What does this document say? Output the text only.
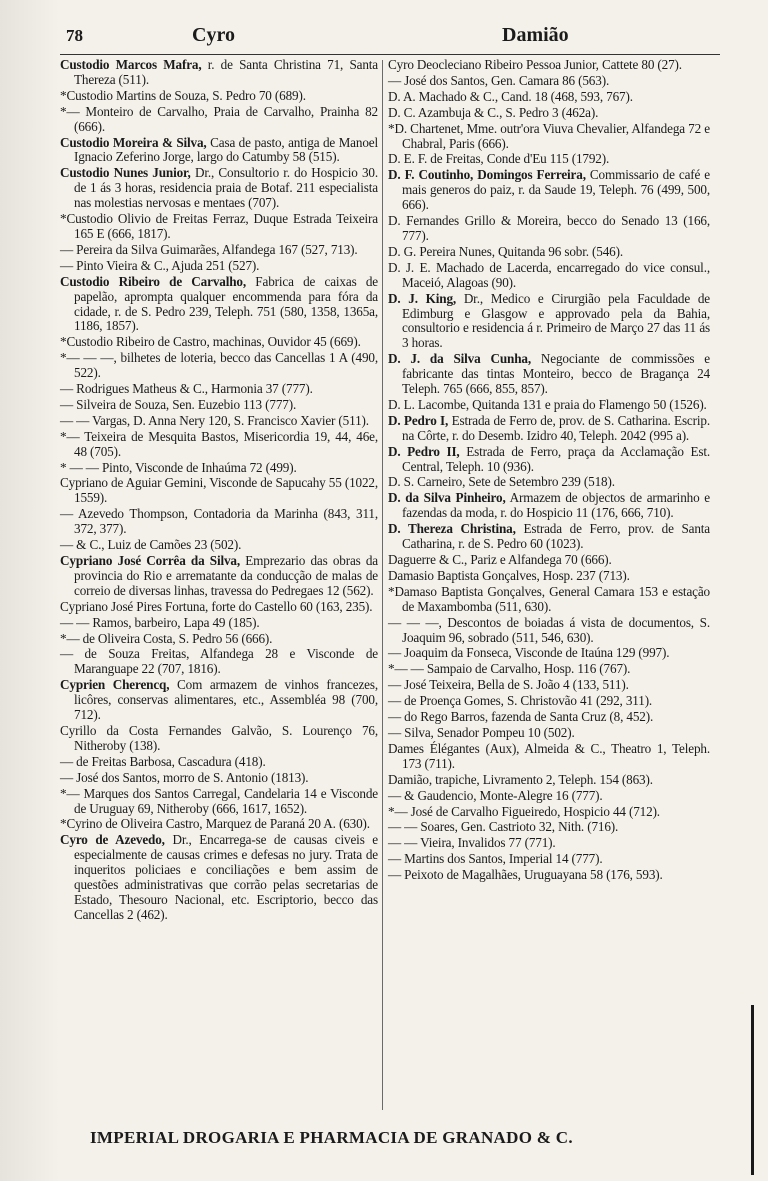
78	Cyro	Damião

Custodio Marcos Mafra, r. de Santa Christina 71, Santa Thereza (511).

*Custodio Martins de Souza, S. Pedro 70 (689).

*— Monteiro de Carvalho, Praia de Carvalho, Prainha 82 (666).

Custodio Moreira & Silva, Casa de pasto, antiga de Manoel Ignacio Zeferino Jorge, largo do Catumby 58 (515).

Custodio Nunes Junior, Dr., Consultorio r. do Hospicio 30. de 1 ás 3 horas, residencia praia de Botaf. 211 especialista nas molestias nervosas e mentaes (707).

*Custodio Olivio de Freitas Ferraz, Duque Estrada Teixeira 165 E (666, 1817).

— Pereira da Silva Guimarães, Alfandega 167 (527, 713).

— Pinto Vieira & C., Ajuda 251 (527).

Custodio Ribeiro de Carvalho, Fabrica de caixas de papelão, aprompta qualquer encommenda para fóra da cidade, r. de S. Pedro 239, Teleph. 751 (580, 1358, 1365a, 1186, 1857).

*Custodio Ribeiro de Castro, machinas, Ouvidor 45 (669).

*— — —, bilhetes de loteria, becco das Cancellas 1 A (490, 522).

— Rodrigues Matheus & C., Harmonia 37 (777).

— Silveira de Souza, Sen. Euzebio 113 (777).

— — Vargas, D. Anna Nery 120, S. Francisco Xavier (511).

*— Teixeira de Mesquita Bastos, Misericordia 19, 44, 46e, 48 (705).

* — — Pinto, Visconde de Inhaúma 72 (499).

Cypriano de Aguiar Gemini, Visconde de Sapucahy 55 (1022, 1559).

— Azevedo Thompson, Contadoria da Marinha (843, 311, 372, 377).

— & C., Luiz de Camões 23 (502).

Cypriano José Corrêa da Silva, Emprezario das obras da provincia do Rio e arrematante da conducção de malas de correio de diversas linhas, travessa do Pedregaes 12 (562).

Cypriano José Pires Fortuna, forte do Castello 60 (163, 235).

— — Ramos, barbeiro, Lapa 49 (185).

*— de Oliveira Costa, S. Pedro 56 (666).

— de Souza Freitas, Alfandega 28 e Visconde de Maranguape 22 (707, 1816).

Cyprien Cherencq, Com armazem de vinhos francezes, licôres, conservas alimentares, etc., Assembléa 98 (700, 712).

Cyrillo da Costa Fernandes Galvão, S. Lourenço 76, Nitheroby (138).

— de Freitas Barbosa, Cascadura (418).

— José dos Santos, morro de S. Antonio (1813).

*— Marques dos Santos Carregal, Candelaria 14 e Visconde de Uruguay 69, Nitheroby (666, 1617, 1652).

*Cyrino de Oliveira Castro, Marquez de Paraná 20 A. (630).

Cyro de Azevedo, Dr., Encarrega-se de causas civeis e especialmente de causas crimes e defesas no jury. Trata de inqueritos policiaes e conciliações e bem assim de questões administrativas que corrão pelas secretarias de Estado, Thesouro Nacional, etc. Escriptorio, becco das Cancellas 2 (462).

Cyro Deocleciano Ribeiro Pessoa Junior, Cattete 80 (27).

— José dos Santos, Gen. Camara 86 (563).

D. A. Machado & C., Cand. 18 (468, 593, 767).

D. C. Azambuja & C., S. Pedro 3 (462a).

*D. Chartenet, Mme. outr'ora Viuva Chevalier, Alfandega 72 e Chabral, Paris (666).

D. E. F. de Freitas, Conde d'Eu 115 (1792).

D. F. Coutinho, Domingos Ferreira, Commissario de café e mais generos do paiz, r. da Saude 19, Teleph. 76 (499, 500, 666).

D. Fernandes Grillo & Moreira, becco do Senado 13 (166, 777).

D. G. Pereira Nunes, Quitanda 96 sobr. (546).

D. J. E. Machado de Lacerda, encarregado do vice consul., Maceió, Alagoas (90).

D. J. King, Dr., Medico e Cirurgião pela Faculdade de Edimburg e Glasgow e approvado pela da Bahia, consultorio e residencia á r. Primeiro de Março 27 das 11 ás 3 horas.

D. J. da Silva Cunha, Negociante de commissões e fabricante das tintas Monteiro, becco de Bragança 24 Teleph. 765 (666, 855, 857).

D. L. Lacombe, Quitanda 131 e praia do Flamengo 50 (1526).

D. Pedro I, Estrada de Ferro de, prov. de S. Catharina. Escrip. na Côrte, r. do Desemb. Izidro 40, Teleph. 2042 (995 a).

D. Pedro II, Estrada de Ferro, praça da Acclamação Est. Central, Teleph. 10 (936).

D. S. Carneiro, Sete de Setembro 239 (518).

D. da Silva Pinheiro, Armazem de objectos de armarinho e fazendas da moda, r. do Hospicio 11 (176, 666, 710).

D. Thereza Christina, Estrada de Ferro, prov. de Santa Catharina, r. de S. Pedro 60 (1023).

Daguerre & C., Pariz e Alfandega 70 (666).

Damasio Baptista Gonçalves, Hosp. 237 (713).

*Damaso Baptista Gonçalves, General Camara 153 e estação de Maxambomba (511, 630).

— — —, Descontos de boiadas á vista de documentos, S. Joaquim 96, sobrado (511, 546, 630).

— Joaquim da Fonseca, Visconde de Itaúna 129 (997).

*— — Sampaio de Carvalho, Hosp. 116 (767).

— José Teixeira, Bella de S. João 4 (133, 511).

— de Proença Gomes, S. Christovão 41 (292, 311).

— do Rego Barros, fazenda de Santa Cruz (8, 452).

— Silva, Senador Pompeu 10 (502).

Dames Élégantes (Aux), Almeida & C., Theatro 1, Teleph. 173 (711).

Damião, trapiche, Livramento 2, Teleph. 154 (863).

— & Gaudencio, Monte-Alegre 16 (777).

*— José de Carvalho Figueiredo, Hospicio 44 (712).

— — Soares, Gen. Castrioto 32, Nith. (716).

— — Vieira, Invalidos 77 (771).

— Martins dos Santos, Imperial 14 (777).

— Peixoto de Magalhães, Uruguayana 58 (176, 593).

IMPERIAL DROGARIA E PHARMACIA DE GRANADO & C.
